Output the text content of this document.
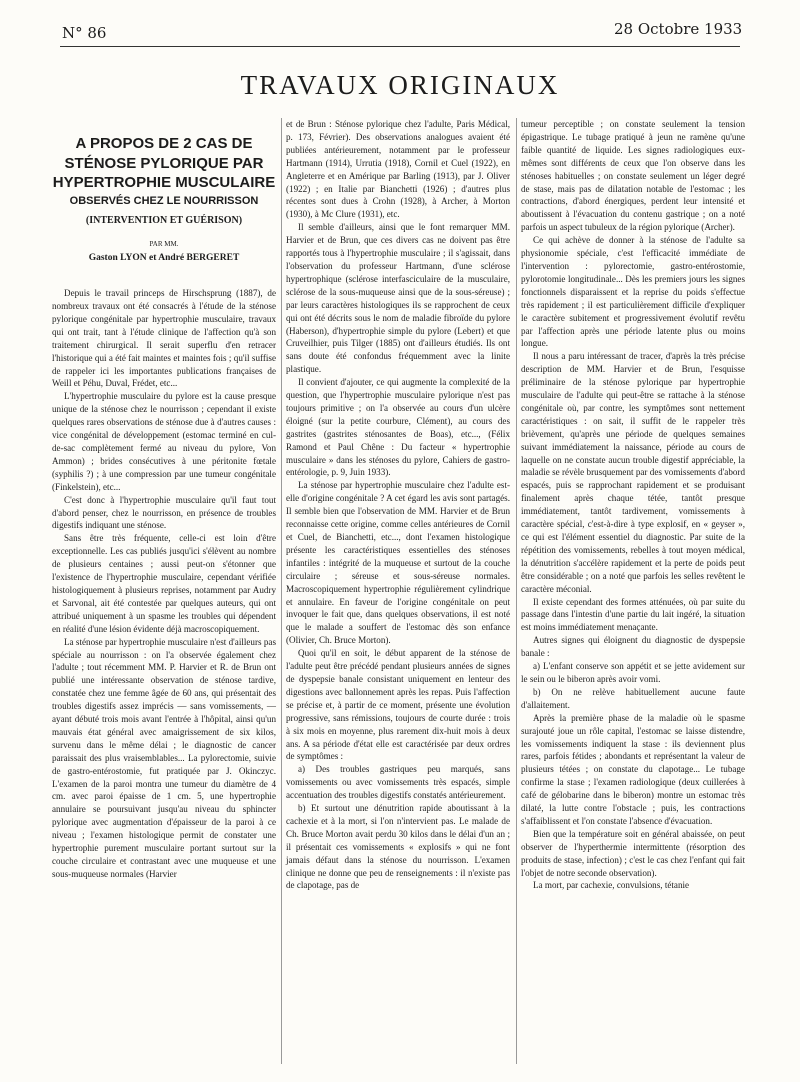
N° 86	28 Octobre 1933
TRAVAUX ORIGINAUX
A PROPOS DE 2 CAS DE STÉNOSE PYLORIQUE PAR HYPERTROPHIE MUSCULAIRE
OBSERVÉS CHEZ LE NOURRISSON
(INTERVENTION ET GUÉRISON)
PAR MM.
Gaston LYON et André BERGERET

Depuis le travail princeps de Hirschsprung (1887), de nombreux travaux ont été consacrés à l'étude de la sténose pylorique congénitale par hypertrophie musculaire, travaux qui ont trait, tant à l'étude clinique de l'affection qu'à son traitement chirurgical. Il serait superflu d'en retracer l'historique qui a été fait maintes et maintes fois ; qu'il suffise de rappeler ici les importantes publications françaises de Weill et Péhu, Duval, Frédet, etc...

L'hypertrophie musculaire du pylore est la cause presque unique de la sténose chez le nourrisson ; cependant il existe quelques rares observations de sténose due à d'autres causes : vice congénital de développement (estomac terminé en cul-de-sac complètement fermé au niveau du pylore, Von Ammon) ; brides consécutives à une péritonite fœtale (syphilis ?) ; à une compression par une tumeur congénitale (Finkelstein), etc...

C'est donc à l'hypertrophie musculaire qu'il faut tout d'abord penser, chez le nourrisson, en présence de troubles digestifs indiquant une sténose.

Sans être très fréquente, celle-ci est loin d'être exceptionnelle. Les cas publiés jusqu'ici s'élèvent au nombre de plusieurs centaines ; aussi peut-on s'étonner que l'existence de l'hypertrophie musculaire, cependant vérifiée histologiquement à plusieurs reprises, notamment par Audry et Sarvonal, ait été contestée par quelques auteurs, qui ont attribué uniquement à un spasme les troubles qui dépendent en réalité d'une lésion évidente déjà macroscopiquement.

La sténose par hypertrophie musculaire n'est d'ailleurs pas spéciale au nourrisson : on l'a observée également chez l'adulte ; tout récemment MM. P. Harvier et R. de Brun ont publié une intéressante observation de sténose tardive, constatée chez une femme âgée de 60 ans, qui présentait des troubles digestifs assez imprécis — sans vomissements, — ayant débuté trois mois avant l'entrée à l'hôpital, ainsi qu'un mauvais état général avec amaigrissement de six kilos, survenu dans le même délai ; le diagnostic de cancer paraissait des plus vraisemblables... La pylorectomie, suivie de gastro-entérostomie, fut pratiquée par J. Okinczyc. L'examen de la paroi montra une tumeur du diamètre de 4 cm. avec paroi épaisse de 1 cm. 5, une hypertrophie annulaire se poursuivant jusqu'au niveau du sphincter pylorique avec augmentation d'épaisseur de la paroi à ce niveau ; l'examen histologique permit de constater une hypertrophie purement musculaire portant surtout sur la couche circulaire et contrastant avec une muqueuse et une sous-muqueuse normales (Harvier

et de Brun : Sténose pylorique chez l'adulte, Paris Médical, p. 173, Février). Des observations analogues avaient été publiées antérieurement, notamment par le professeur Hartmann (1914), Urrutia (1918), Cornil et Cuel (1922), en Angleterre et en Amérique par Barling (1913), par J. Oliver (1922) ; en Italie par Bianchetti (1926) ; d'autres plus récentes sont dues à Crohn (1928), à Archer, à Morton (1930), à Mc Clure (1931), etc.

Il semble d'ailleurs, ainsi que le font remarquer MM. Harvier et de Brun, que ces divers cas ne doivent pas être rapportés tous à l'hypertrophie musculaire ; il s'agissait, dans l'observation du professeur Hartmann, d'une sclérose hypertrophique (sclérose interfasciculaire de la musculaire, sclérose de la sous-muqueuse ainsi que de la sous-séreuse) ; par leurs caractères histologiques ils se rapprochent de ceux qui ont été décrits sous le nom de maladie fibroïde du pylore (Haberson), d'hypertrophie simple du pylore (Lebert) et que Cruveilhier, puis Tilger (1885) ont d'ailleurs étudiés. Ils ont sans doute été confondus fréquemment avec la linite plastique.

Il convient d'ajouter, ce qui augmente la complexité de la question, que l'hypertrophie musculaire pylorique n'est pas toujours primitive ; on l'a observée au cours d'un ulcère éloigné (sur la petite courbure, Clément), au cours des gastrites (gastrites sténosantes de Boas), etc..., (Félix Ramond et Paul Chêne : Du facteur « hypertrophie musculaire » dans les sténoses du pylore, Cahiers de gastro-entérologie, p. 9, Juin 1933).

La sténose par hypertrophie musculaire chez l'adulte est-elle d'origine congénitale ? A cet égard les avis sont partagés. Il semble bien que l'observation de MM. Harvier et de Brun reconnaisse cette origine, comme celles antérieures de Cornil et Cuel, de Bianchetti, etc..., dont l'examen histologique présente les caractéristiques essentielles des sténoses infantiles : intégrité de la muqueuse et surtout de la couche circulaire ; séreuse et sous-séreuse normales. Macroscopiquement hypertrophie régulièrement cylindrique et annulaire. En faveur de l'origine congénitale on peut invoquer le fait que, dans quelques observations, il est noté que le malade a souffert de l'estomac dès son enfance (Olivier, Ch. Bruce Morton).

Quoi qu'il en soit, le début apparent de la sténose de l'adulte peut être précédé pendant plusieurs années de signes de dyspepsie banale consistant uniquement en lenteur des digestions avec ballonnement après les repas. Puis l'affection se précise et, à partir de ce moment, présente une évolution progressive, sans rémissions, toujours de courte durée : trois à six mois en moyenne, plus rarement dix-huit mois à deux ans. A sa période d'état elle est caractérisée par deux ordres de symptômes :

a) Des troubles gastriques peu marqués, sans vomissements ou avec vomissements très espacés, simple accentuation des troubles digestifs constatés antérieurement.

b) Et surtout une dénutrition rapide aboutissant à la cachexie et à la mort, si l'on n'intervient pas. Le malade de Ch. Bruce Morton avait perdu 30 kilos dans le délai d'un an ; il présentait ces vomissements « explosifs » qui ne font jamais défaut dans la sténose du nourrisson. L'examen clinique ne donne que peu de renseignements : il n'existe pas de clapotage, pas de

tumeur perceptible ; on constate seulement la tension épigastrique. Le tubage pratiqué à jeun ne ramène qu'une faible quantité de liquide. Les signes radiologiques eux-mêmes sont différents de ceux que l'on observe dans les sténoses habituelles ; on constate seulement un léger degré de stase, mais pas de dilatation notable de l'estomac ; les contractions, d'abord énergiques, perdent leur intensité et aboutissent à l'évacuation du contenu gastrique ; on a noté parfois un aspect tubuleux de la région pylorique (Archer).

Ce qui achève de donner à la sténose de l'adulte sa physionomie spéciale, c'est l'efficacité immédiate de l'intervention : pylorectomie, gastro-entérostomie, pylorotomie longitudinale... Dès les premiers jours les signes fonctionnels disparaissent et la reprise du poids s'effectue très rapidement ; il est particulièrement difficile d'expliquer le caractère subitement et progressivement évolutif revêtu par l'affection après une période latente plus ou moins longue.

Il nous a paru intéressant de tracer, d'après la très précise description de MM. Harvier et de Brun, l'esquisse préliminaire de la sténose pylorique par hypertrophie musculaire de l'adulte qui peut-être se rattache à la sténose congénitale où, par contre, les symptômes sont nettement caractéristiques : on sait, il suffit de le rappeler très brièvement, qu'après une période de quelques semaines suivant immédiatement la naissance, période au cours de laquelle on ne constate aucun trouble digestif appréciable, la maladie se révèle brusquement par des vomissements d'abord espacés, puis se rapprochant rapidement et se produisant finalement après chaque tétée, tantôt presque immédiatement, tantôt tardivement, vomissements à caractère spécial, c'est-à-dire à type explosif, en « geyser », ce qui est l'élément essentiel du diagnostic. Par suite de la répétition des vomissements, rebelles à tout moyen médical, la dénutrition s'accélère rapidement et la perte de poids peut être considérable ; on a noté que parfois les selles revêtent le caractère méconial.

Il existe cependant des formes atténuées, où par suite du passage dans l'intestin d'une partie du lait ingéré, la situation est moins immédiatement menaçante.

Autres signes qui éloignent du diagnostic de dyspepsie banale :

a) L'enfant conserve son appétit et se jette avidement sur le sein ou le biberon après avoir vomi.

b) On ne relève habituellement aucune faute d'allaitement.

Après la première phase de la maladie où le spasme surajouté joue un rôle capital, l'estomac se laisse distendre, les vomissements indiquent la stase : ils deviennent plus rares, parfois fétides ; abondants et représentant la valeur de plusieurs tétées ; on constate du clapotage... Le tubage confirme la stase ; l'examen radiologique (deux cuillerées à café de gélobarine dans le biberon) montre un estomac très dilaté, la lutte contre l'obstacle ; puis, les contractions s'affaiblissent et l'on constate l'absence d'évacuation.

Bien que la température soit en général abaissée, on peut observer de l'hyperthermie intermittente (résorption des produits de stase, infection) ; c'est le cas chez l'enfant qui fait l'objet de notre seconde observation).

La mort, par cachexie, convulsions, tétanie
